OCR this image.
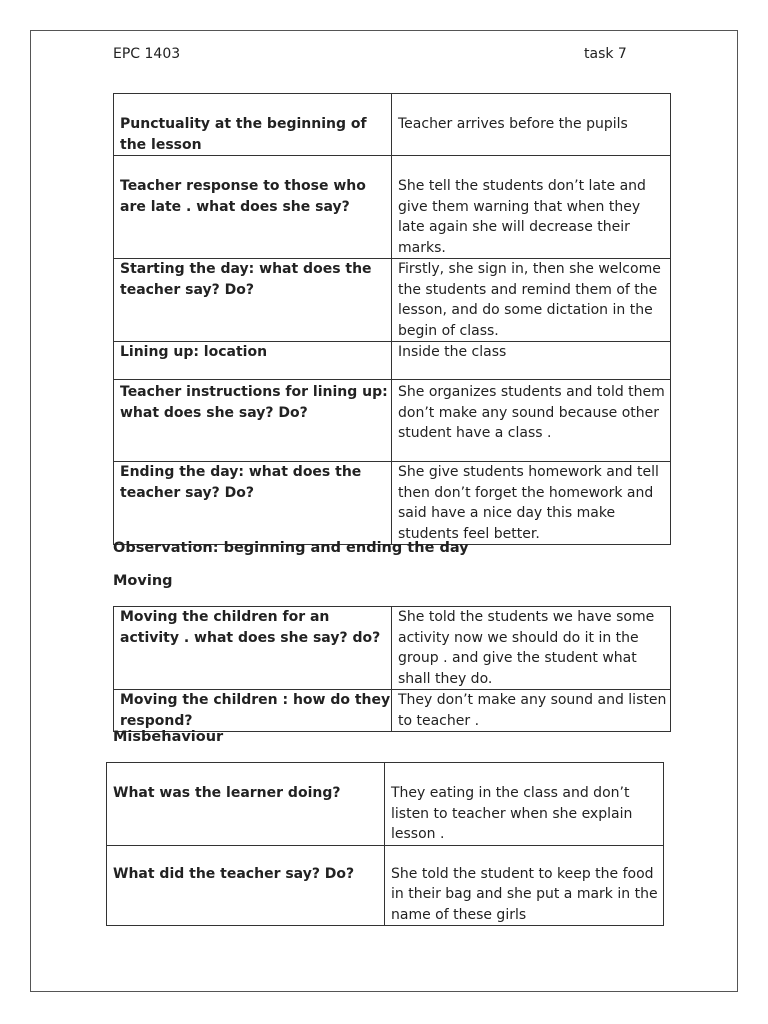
EPC 1403	task 7
Punctuality at the beginning of the lesson	Teacher arrives before the pupils
Teacher response to those who are late . what does she say?	She tell the students don’t late and give them warning that when they late again she will decrease their marks.
Starting the day: what does the teacher say? Do?	Firstly, she sign in, then she welcome the students and remind them of the lesson, and do some dictation in the begin of class.
Lining up: location	Inside the class
Teacher instructions for lining up: what does she say? Do?	She organizes students and told them don’t make any sound because other student have a class .
Ending the day: what does the teacher say? Do?	She give students homework and tell then don’t forget the homework and said have a nice day this make students feel better.
Observation: beginning and ending the day
Moving
Moving the children for an activity . what does she say? do?	She told the students we have some activity now we should do it in the group . and give the student what shall they do.
Moving the children : how do they respond?	They don’t make any sound and listen to teacher .
Misbehaviour
What was the learner doing?	They eating in the class and don’t listen to teacher when she explain lesson .
What did the teacher say? Do?	She told the student to keep the food in their bag and she put a mark in the name of these girls
